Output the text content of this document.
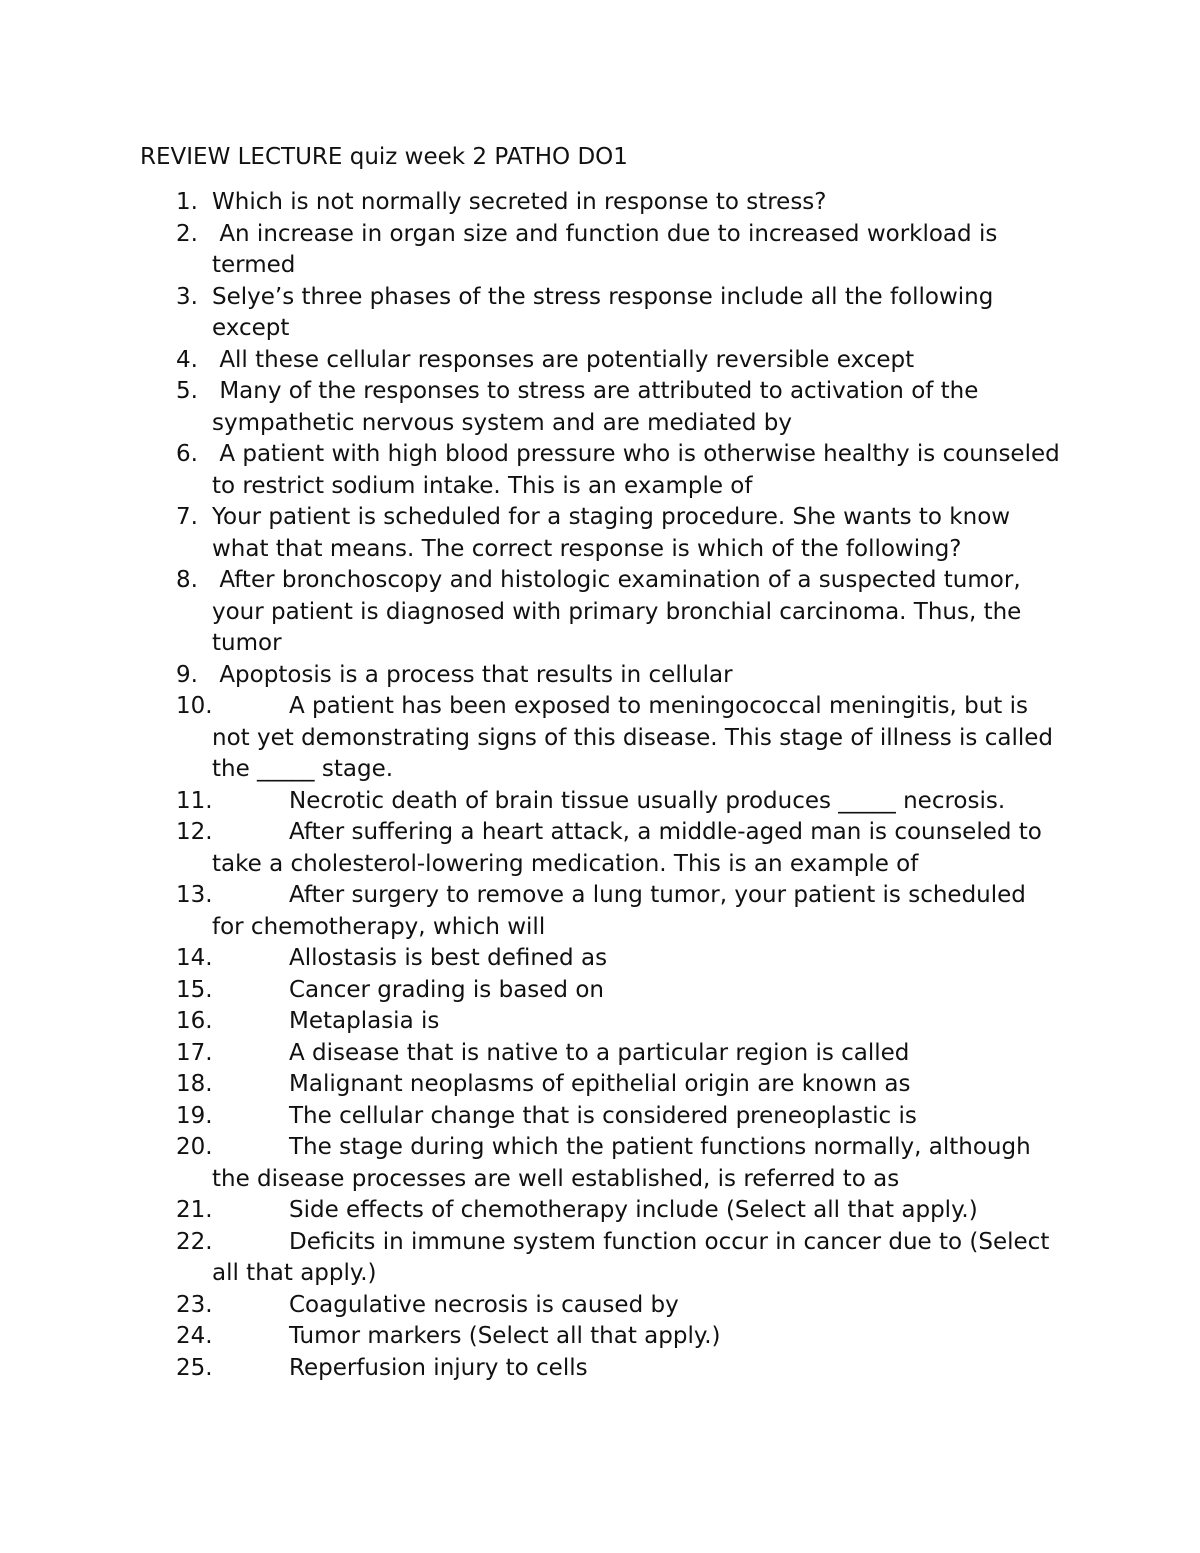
REVIEW LECTURE quiz week 2 PATHO DO1
1. Which is not normally secreted in response to stress?
2. An increase in organ size and function due to increased workload is termed
3. Selye’s three phases of the stress response include all the following except
4. All these cellular responses are potentially reversible except
5. Many of the responses to stress are attributed to activation of the sympathetic nervous system and are mediated by
6. A patient with high blood pressure who is otherwise healthy is counseled to restrict sodium intake. This is an example of
7. Your patient is scheduled for a staging procedure. She wants to know what that means. The correct response is which of the following?
8. After bronchoscopy and histologic examination of a suspected tumor, your patient is diagnosed with primary bronchial carcinoma. Thus, the tumor
9. Apoptosis is a process that results in cellular
10.	A patient has been exposed to meningococcal meningitis, but is not yet demonstrating signs of this disease. This stage of illness is called the _____ stage.
11.	Necrotic death of brain tissue usually produces _____ necrosis.
12.	After suffering a heart attack, a middle-aged man is counseled to take a cholesterol-lowering medication. This is an example of
13.	After surgery to remove a lung tumor, your patient is scheduled for chemotherapy, which will
14.	Allostasis is best defined as
15.	Cancer grading is based on
16.	Metaplasia is
17.	A disease that is native to a particular region is called
18.	Malignant neoplasms of epithelial origin are known as
19.	The cellular change that is considered preneoplastic is
20.	The stage during which the patient functions normally, although the disease processes are well established, is referred to as
21.	Side effects of chemotherapy include (Select all that apply.)
22.	Deficits in immune system function occur in cancer due to (Select all that apply.)
23.	Coagulative necrosis is caused by
24.	Tumor markers (Select all that apply.)
25.	Reperfusion injury to cells
